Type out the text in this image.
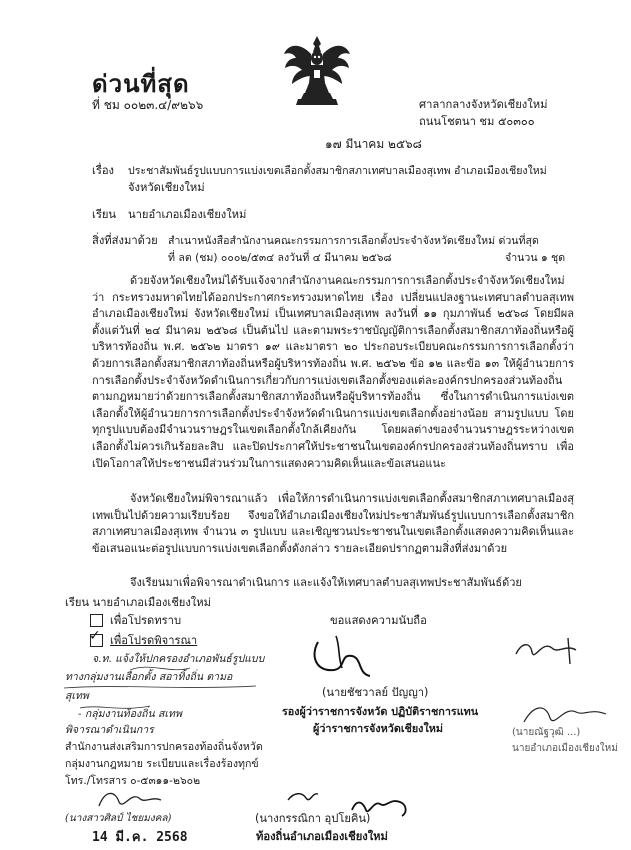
ด่วนที่สุด
ที่ ชม ๐๐๒๓.๔/๙๒๖๖	ศาลากลางจังหวัดเชียงใหม่
ถนนโชตนา ชม ๕๐๓๐๐
๑๗ มีนาคม ๒๕๖๘
เรื่อง ประชาสัมพันธ์รูปแบบการแบ่งเขตเลือกตั้งสมาชิกสภาเทศบาลเมืองสุเทพ อำเภอเมืองเชียงใหม่
จังหวัดเชียงใหม่
เรียน นายอำเภอเมืองเชียงใหม่
สิ่งที่ส่งมาด้วย สำเนาหนังสือสำนักงานคณะกรรมการการเลือกตั้งประจำจังหวัดเชียงใหม่ ด่วนที่สุด
ที่ ลต (ชม) ๐๐๐๒/๕๓๔ ลงวันที่ ๔ มีนาคม ๒๕๖๘	จำนวน ๑ ชุด
ด้วยจังหวัดเชียงใหม่ได้รับแจ้งจากสำนักงานคณะกรรมการการเลือกตั้งประจำจังหวัดเชียงใหม่ว่า กระทรวงมหาดไทยได้ออกประกาศกระทรวงมหาดไทย เรื่อง เปลี่ยนแปลงฐานะเทศบาลตำบลสุเทพ อำเภอเมืองเชียงใหม่ จังหวัดเชียงใหม่ เป็นเทศบาลเมืองสุเทพ ลงวันที่ ๑๑ กุมภาพันธ์ ๒๕๖๘ โดยมีผลตั้งแต่วันที่ ๒๔ มีนาคม ๒๕๖๘ เป็นต้นไป และตามพระราชบัญญัติการเลือกตั้งสมาชิกสภาท้องถิ่นหรือผู้บริหารท้องถิ่น พ.ศ. ๒๕๖๒ มาตรา ๑๙ และมาตรา ๒๐ ประกอบระเบียบคณะกรรมการการเลือกตั้งว่าด้วยการเลือกตั้งสมาชิกสภาท้องถิ่นหรือผู้บริหารท้องถิ่น พ.ศ. ๒๕๖๒ ข้อ ๑๒ และข้อ ๑๓ ให้ผู้อำนวยการการเลือกตั้งประจำจังหวัดดำเนินการเกี่ยวกับการแบ่งเขตเลือกตั้งของแต่ละองค์กรปกครองส่วนท้องถิ่นตามกฎหมายว่าด้วยการเลือกตั้งสมาชิกสภาท้องถิ่นหรือผู้บริหารท้องถิ่น ซึ่งในการดำเนินการแบ่งเขตเลือกตั้งให้ผู้อำนวยการการเลือกตั้งประจำจังหวัดดำเนินการแบ่งเขตเลือกตั้งอย่างน้อย สามรูปแบบ โดยทุกรูปแบบต้องมีจำนวนราษฎรในเขตเลือกตั้งใกล้เคียงกัน โดยผลต่างของจำนวนราษฎรระหว่างเขตเลือกตั้งไม่ควรเกินร้อยละสิบ และปิดประกาศให้ประชาชนในเขตองค์กรปกครองส่วนท้องถิ่นทราบ เพื่อเปิดโอกาสให้ประชาชนมีส่วนร่วมในการแสดงความคิดเห็นและข้อเสนอแนะ
จังหวัดเชียงใหม่พิจารณาแล้ว เพื่อให้การดำเนินการแบ่งเขตเลือกตั้งสมาชิกสภาเทศบาลเมืองสุเทพเป็นไปด้วยความเรียบร้อย จึงขอให้อำเภอเมืองเชียงใหม่ประชาสัมพันธ์รูปแบบการเลือกตั้งสมาชิกสภาเทศบาลเมืองสุเทพ จำนวน ๓ รูปแบบ และเชิญชวนประชาชนในเขตเลือกตั้งแสดงความคิดเห็นและข้อเสนอแนะต่อรูปแบบการแบ่งเขตเลือกตั้งดังกล่าว รายละเอียดปรากฏตามสิ่งที่ส่งมาด้วย
จึงเรียนมาเพื่อพิจารณาดำเนินการ และแจ้งให้เทศบาลตำบลสุเทพประชาสัมพันธ์ด้วย
เรียน นายอำเภอเมืองเชียงใหม่
เพื่อโปรดทราบ
✓ เพื่อโปรดพิจารณา
จ.ท. แจ้งให้ปกครองอำเภอพันธ์รูปแบบ
ทางกลุ่มงานเลือกตั้ง สอาทิ้งถิ่น ตามอ
สุเทพ
- กลุ่มงานท้องถิ่น สเทพ
พิจารณาดำเนินการ
สำนักงานส่งเสริมการปกครองท้องถิ่นจังหวัด
กลุ่มงานกฎหมาย ระเบียบและเรื่องร้องทุกข์
โทร./โทรสาร ๐-๕๓๑๑-๒๖๐๒
(นางสาวศิลป์ ไชยมงคล)
14 มี.ค. 2568
ขอแสดงความนับถือ
(นายชัชวาลย์ ปัญญา)
รองผู้ว่าราชการจังหวัด ปฏิบัติราชการแทน
ผู้ว่าราชการจังหวัดเชียงใหม่	(นายณัฐวุฒิ ...)
นายอำเภอเมืองเชียงใหม่
(นางกรรณิกา อุปโยคิน)
ท้องถิ่นอำเภอเมืองเชียงใหม่
